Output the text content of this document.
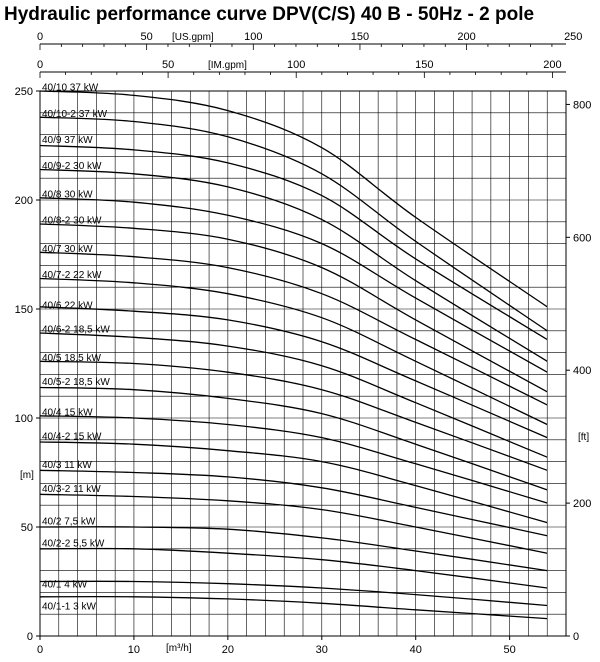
Hydraulic performance curve DPV(C/S) 40 B - 50Hz - 2 pole
[US.gpm]
[IM.gpm]
0	10	20	30	40	50
0
50
100
150
200
250
0
200
400
600
800
0	50	100	150	200	250
0	50	100	150	200
[m]
[ft]
[m³/h]
40/10 37 kW
40/10-2 37 kW
40/9 37 kW
40/9-2 30 kW
40/8 30 kW
40/8-2 30 kW
40/7 30 kW
40/7-2 22 kW
40/6 22 kW
40/6-2 18,5 kW
40/5 18,5 kW
40/5-2 18,5 kW
40/4 15 kW
40/4-2 15 kW
40/3 11 kW
40/3-2 11 kW
40/2 7,5 kW
40/2-2 5,5 kW
40/1 4 kW
40/1-1 3 kW
